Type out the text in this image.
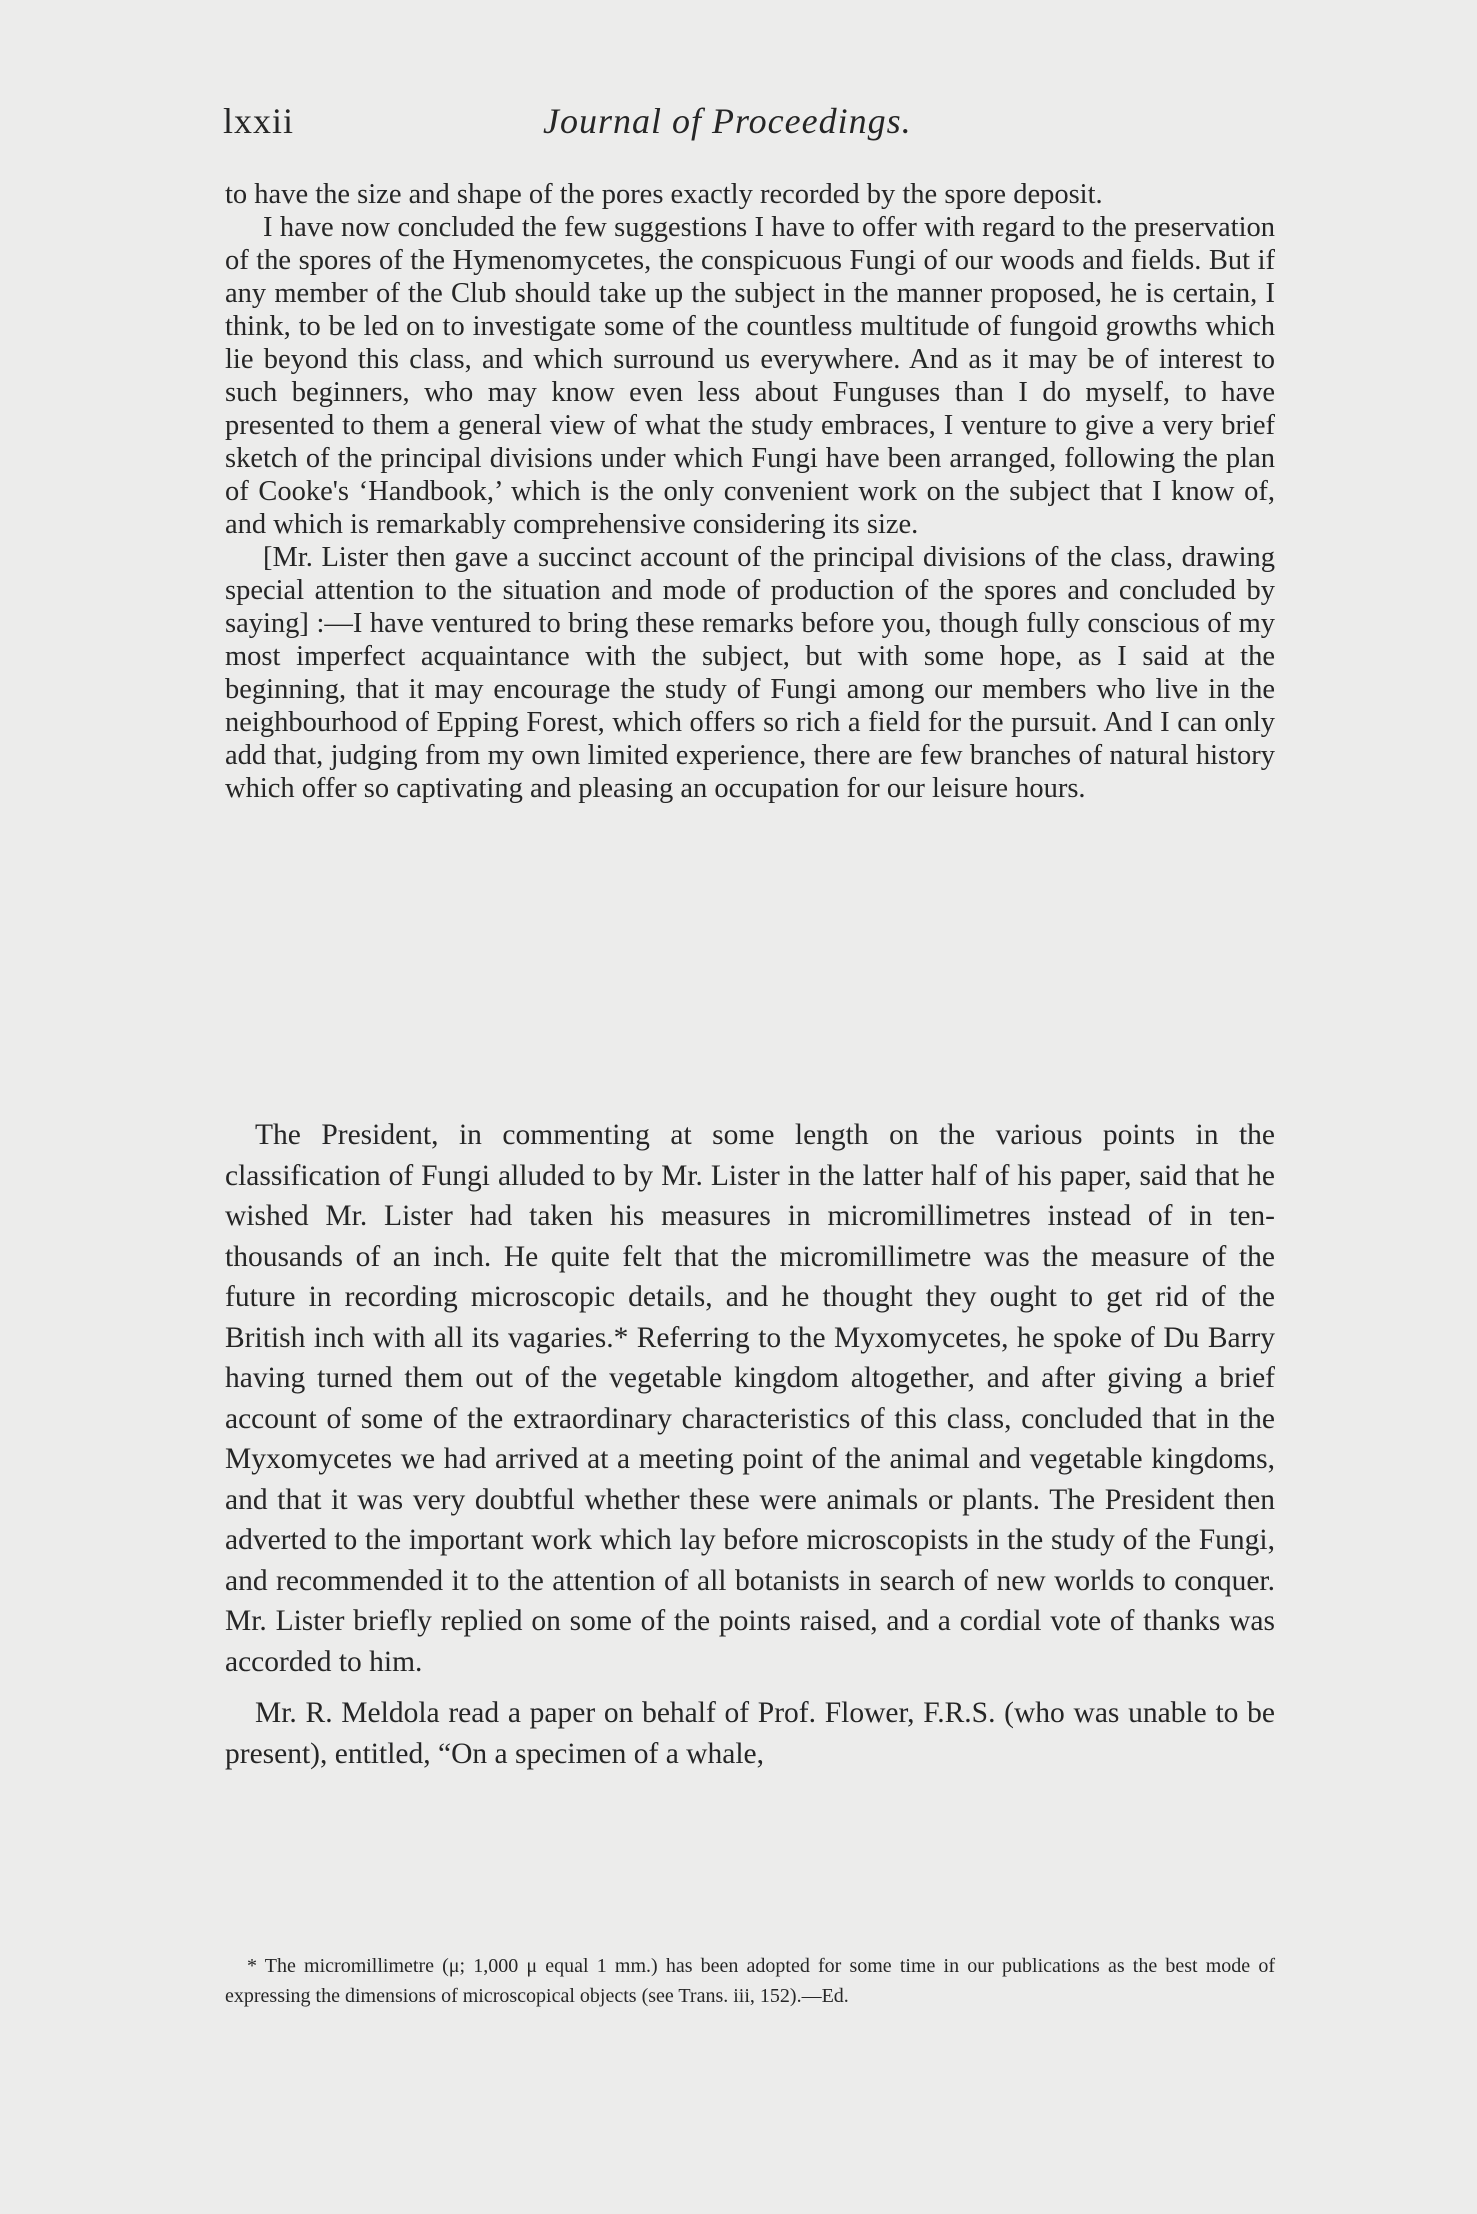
lxxii	Journal of Proceedings.

to have the size and shape of the pores exactly recorded by the spore deposit.

I have now concluded the few suggestions I have to offer with regard to the preservation of the spores of the Hymenomycetes, the conspicuous Fungi of our woods and fields. But if any member of the Club should take up the subject in the manner proposed, he is certain, I think, to be led on to investigate some of the countless multitude of fungoid growths which lie beyond this class, and which surround us everywhere. And as it may be of interest to such beginners, who may know even less about Funguses than I do myself, to have presented to them a general view of what the study embraces, I venture to give a very brief sketch of the principal divisions under which Fungi have been arranged, following the plan of Cooke's ‘Handbook,’ which is the only convenient work on the subject that I know of, and which is remarkably comprehensive considering its size.

[Mr. Lister then gave a succinct account of the principal divisions of the class, drawing special attention to the situation and mode of production of the spores and concluded by saying] :—I have ventured to bring these remarks before you, though fully conscious of my most imperfect acquaintance with the subject, but with some hope, as I said at the beginning, that it may encourage the study of Fungi among our members who live in the neighbourhood of Epping Forest, which offers so rich a field for the pursuit. And I can only add that, judging from my own limited experience, there are few branches of natural history which offer so captivating and pleasing an occupation for our leisure hours.

The President, in commenting at some length on the various points in the classification of Fungi alluded to by Mr. Lister in the latter half of his paper, said that he wished Mr. Lister had taken his measures in micromillimetres instead of in ten-thousands of an inch. He quite felt that the micromillimetre was the measure of the future in recording microscopic details, and he thought they ought to get rid of the British inch with all its vagaries.* Referring to the Myxomycetes, he spoke of Du Barry having turned them out of the vegetable kingdom altogether, and after giving a brief account of some of the extraordinary characteristics of this class, concluded that in the Myxomycetes we had arrived at a meeting point of the animal and vegetable kingdoms, and that it was very doubtful whether these were animals or plants. The President then adverted to the important work which lay before microscopists in the study of the Fungi, and recommended it to the attention of all botanists in search of new worlds to conquer. Mr. Lister briefly replied on some of the points raised, and a cordial vote of thanks was accorded to him.

Mr. R. Meldola read a paper on behalf of Prof. Flower, F.R.S. (who was unable to be present), entitled, “On a specimen of a whale,

* The micromillimetre (μ; 1,000 μ equal 1 mm.) has been adopted for some time in our publications as the best mode of expressing the dimensions of microscopical objects (see Trans. iii, 152).—Ed.
